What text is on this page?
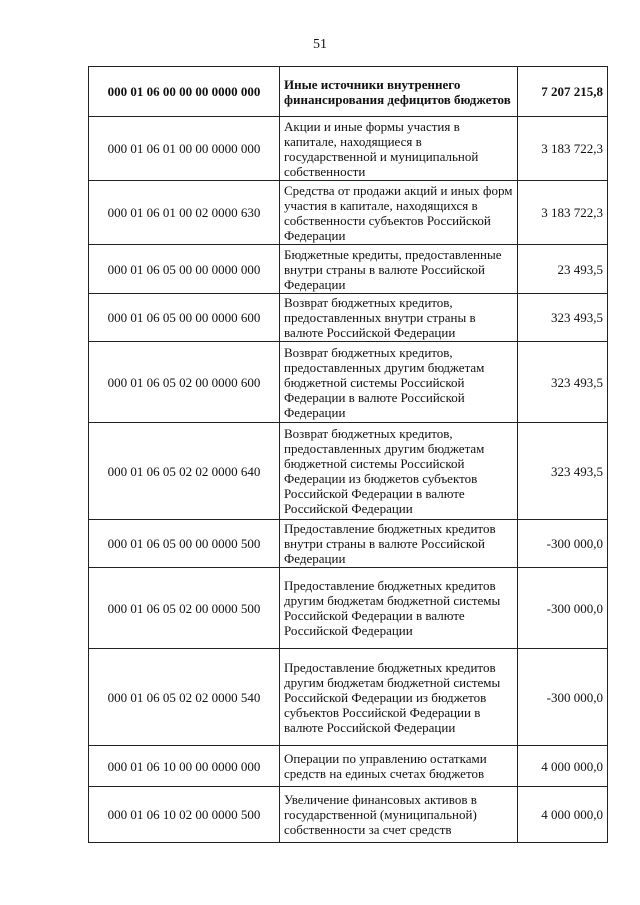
51
000 01 06 00 00 00 0000 000	Иные источники внутреннего финансирования дефицитов бюджетов	7 207 215,8
000 01 06 01 00 00 0000 000	Акции и иные формы участия в капитале, находящиеся в государственной и муниципальной собственности	3 183 722,3
000 01 06 01 00 02 0000 630	Средства от продажи акций и иных форм участия в капитале, находящихся в собственности субъектов Российской Федерации	3 183 722,3
000 01 06 05 00 00 0000 000	Бюджетные кредиты, предоставленные внутри страны в валюте Российской Федерации	23 493,5
000 01 06 05 00 00 0000 600	Возврат бюджетных кредитов, предоставленных внутри страны в валюте Российской Федерации	323 493,5
000 01 06 05 02 00 0000 600	Возврат бюджетных кредитов, предоставленных другим бюджетам бюджетной системы Российской Федерации в валюте Российской Федерации	323 493,5
000 01 06 05 02 02 0000 640	Возврат бюджетных кредитов, предоставленных другим бюджетам бюджетной системы Российской Федерации из бюджетов субъектов Российской Федерации в валюте Российской Федерации	323 493,5
000 01 06 05 00 00 0000 500	Предоставление бюджетных кредитов внутри страны в валюте Российской Федерации	-300 000,0
000 01 06 05 02 00 0000 500	Предоставление бюджетных кредитов другим бюджетам бюджетной системы Российской Федерации в валюте Российской Федерации	-300 000,0
000 01 06 05 02 02 0000 540	Предоставление бюджетных кредитов другим бюджетам бюджетной системы Российской Федерации из бюджетов субъектов Российской Федерации в валюте Российской Федерации	-300 000,0
000 01 06 10 00 00 0000 000	Операции по управлению остатками средств на единых счетах бюджетов	4 000 000,0
000 01 06 10 02 00 0000 500	Увеличение финансовых активов в государственной (муниципальной) собственности за счет средств	4 000 000,0
